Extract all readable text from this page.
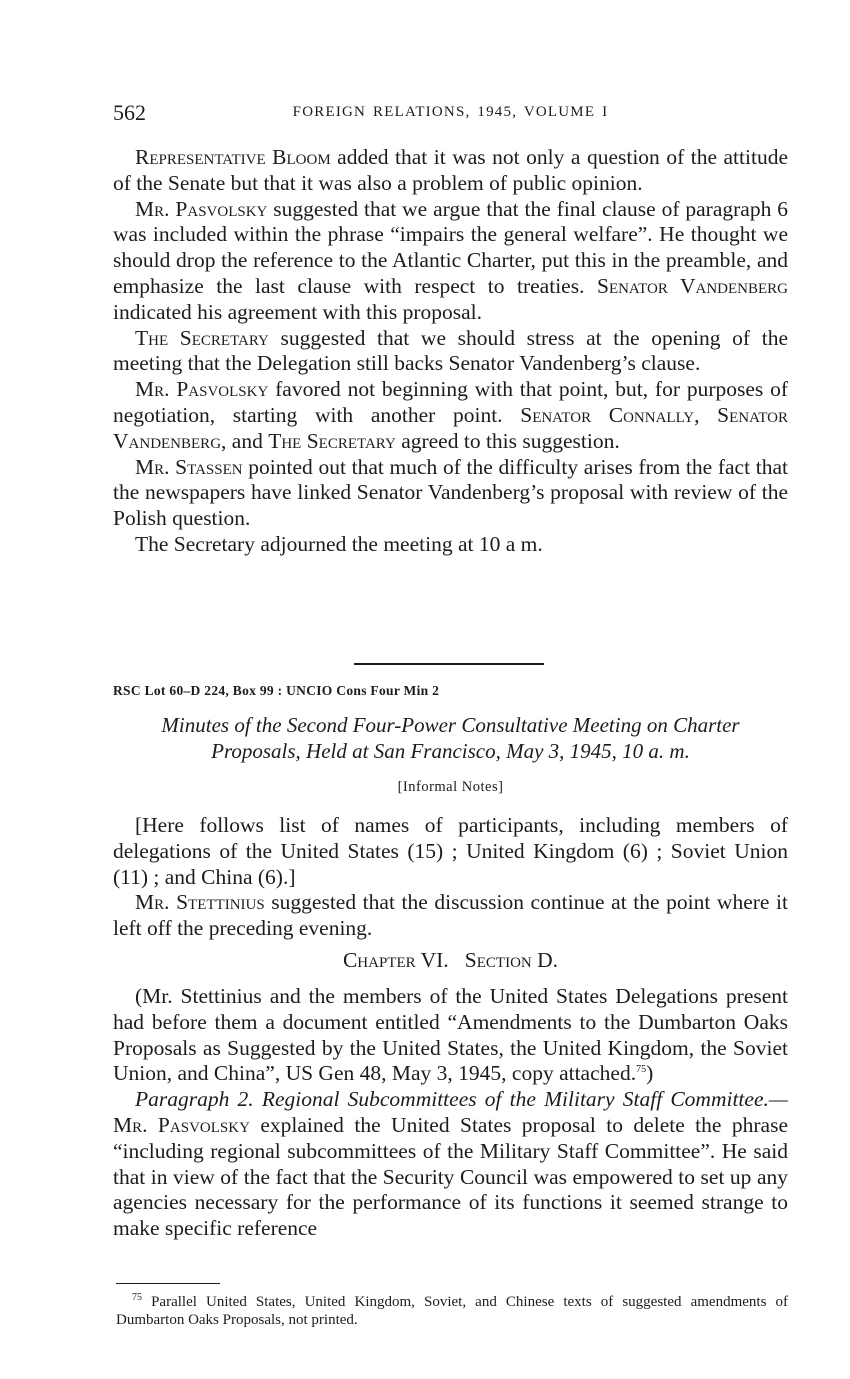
562	FOREIGN RELATIONS, 1945, VOLUME I

Representative Bloom added that it was not only a question of the attitude of the Senate but that it was also a problem of public opinion.

Mr. Pasvolsky suggested that we argue that the final clause of paragraph 6 was included within the phrase “impairs the general welfare”. He thought we should drop the reference to the Atlantic Charter, put this in the preamble, and emphasize the last clause with respect to treaties. Senator Vandenberg indicated his agreement with this proposal.

The Secretary suggested that we should stress at the opening of the meeting that the Delegation still backs Senator Vandenberg’s clause.

Mr. Pasvolsky favored not beginning with that point, but, for purposes of negotiation, starting with another point. Senator Connally, Senator Vandenberg, and The Secretary agreed to this suggestion.

Mr. Stassen pointed out that much of the difficulty arises from the fact that the newspapers have linked Senator Vandenberg’s proposal with review of the Polish question.

The Secretary adjourned the meeting at 10 a m.

RSC Lot 60–D 224, Box 99 : UNCIO Cons Four Min 2
Minutes of the Second Four-Power Consultative Meeting on Charter
Proposals, Held at San Francisco, May 3, 1945, 10 a. m.
[Informal Notes]

[Here follows list of names of participants, including members of delegations of the United States (15) ; United Kingdom (6) ; Soviet Union (11) ; and China (6).]

Mr. Stettinius suggested that the discussion continue at the point where it left off the preceding evening.

Chapter VI.   Section D.

(Mr. Stettinius and the members of the United States Delegations present had before them a document entitled “Amendments to the Dumbarton Oaks Proposals as Suggested by the United States, the United Kingdom, the Soviet Union, and China”, US Gen 48, May 3, 1945, copy attached.$^{75}$)

Paragraph 2. Regional Subcommittees of the Military Staff Committee.—Mr. Pasvolsky explained the United States proposal to delete the phrase “including regional subcommittees of the Military Staff Committee”. He said that in view of the fact that the Security Council was empowered to set up any agencies necessary for the performance of its functions it seemed strange to make specific reference

$^{75}$ Parallel United States, United Kingdom, Soviet, and Chinese texts of suggested amendments of Dumbarton Oaks Proposals, not printed.
